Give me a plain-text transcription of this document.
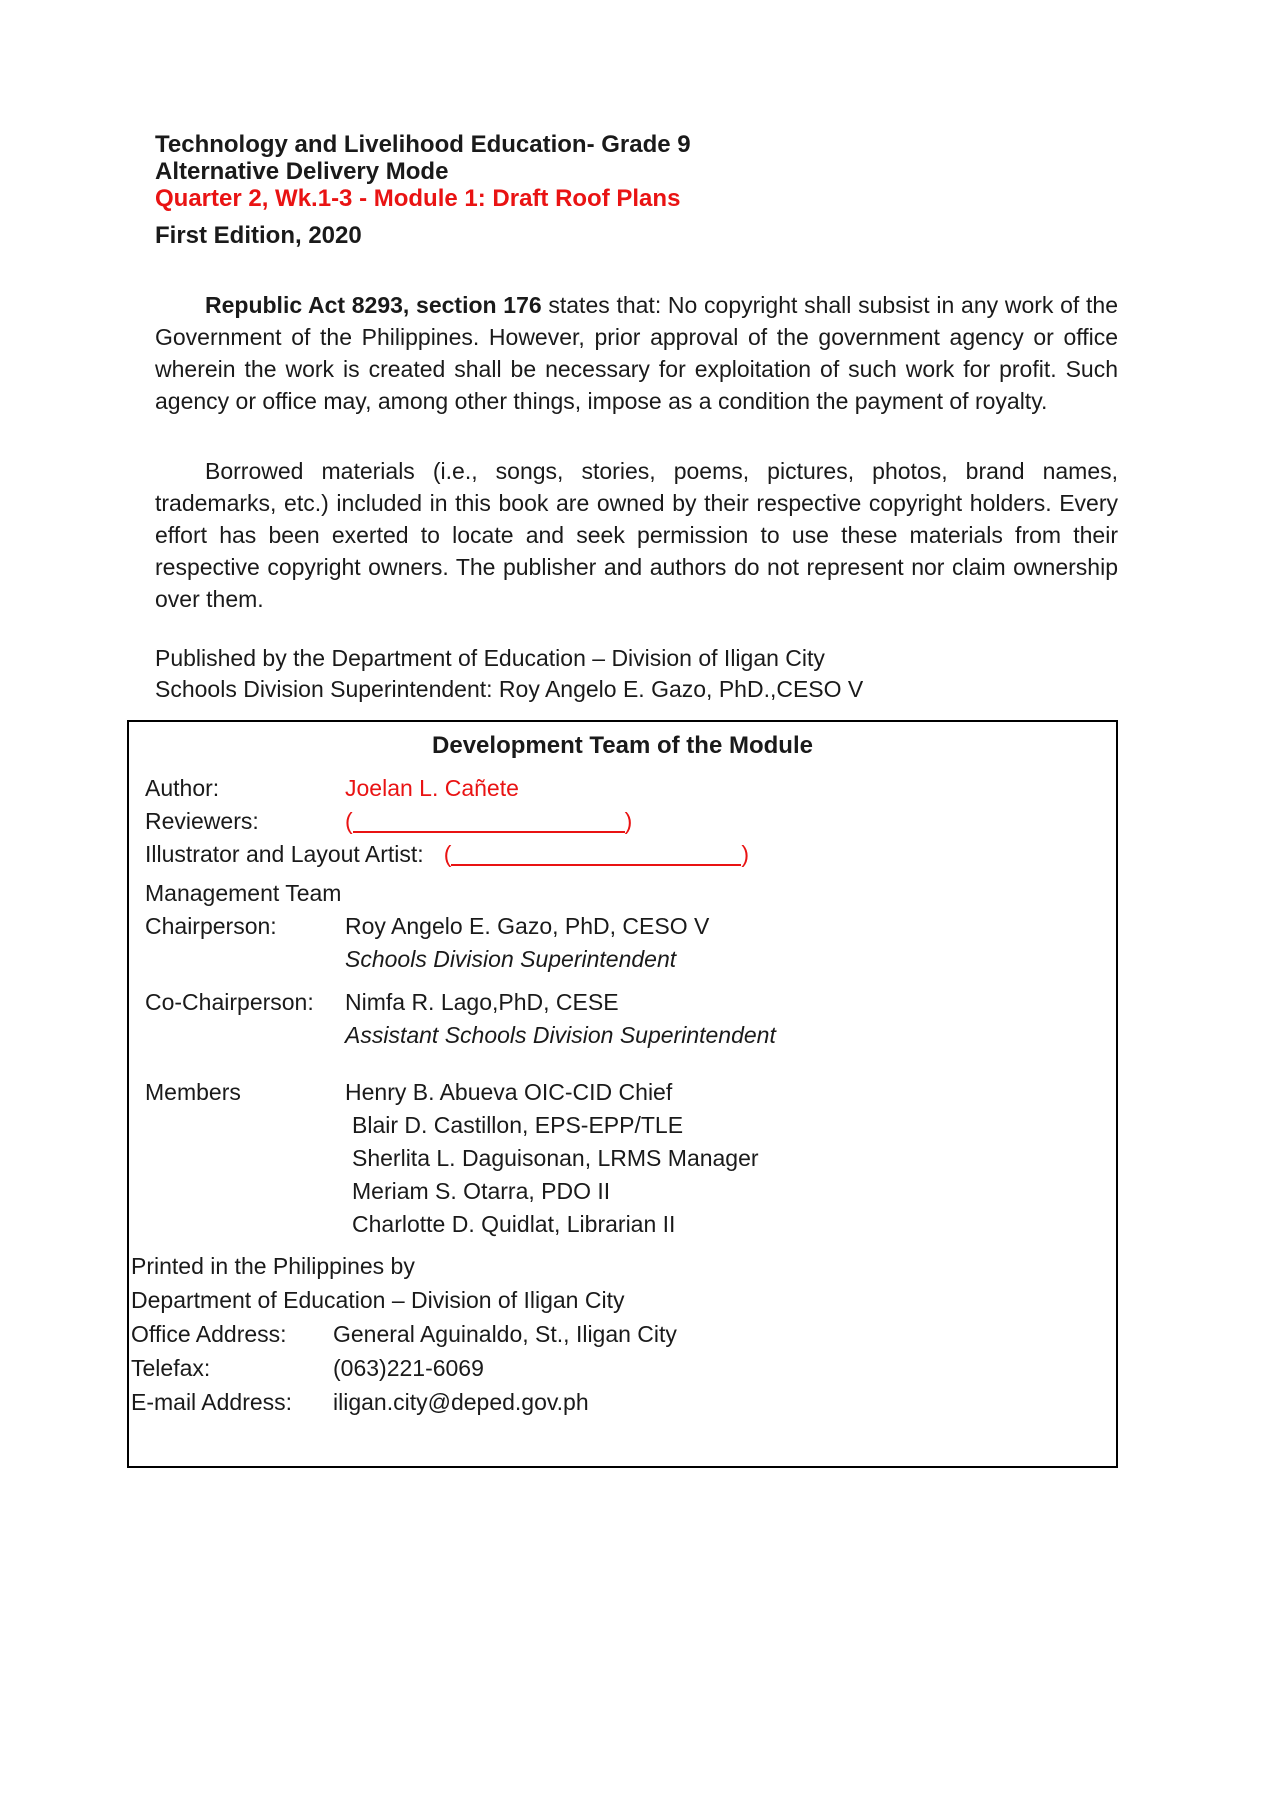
Technology and Livelihood Education- Grade 9
Alternative Delivery Mode
Quarter 2, Wk.1-3 - Module 1: Draft Roof Plans
First Edition, 2020

Republic Act 8293, section 176 states that: No copyright shall subsist in any work of the Government of the Philippines. However, prior approval of the government agency or office wherein the work is created shall be necessary for exploitation of such work for profit. Such agency or office may, among other things, impose as a condition the payment of royalty.

Borrowed materials (i.e., songs, stories, poems, pictures, photos, brand names, trademarks, etc.) included in this book are owned by their respective copyright holders. Every effort has been exerted to locate and seek permission to use these materials from their respective copyright owners. The publisher and authors do not represent nor claim ownership over them.

Published by the Department of Education – Division of Iligan City
Schools Division Superintendent: Roy Angelo E. Gazo, PhD.,CESO V
Development Team of the Module
Author:	Joelan L. Cañete
Reviewers:	(	)
Illustrator and Layout Artist: (	)
Management Team
Chairperson:	Roy Angelo E. Gazo, PhD, CESO V
Schools Division Superintendent
Co-Chairperson:	Nimfa R. Lago,PhD, CESE
Assistant Schools Division Superintendent
Members	Henry B. Abueva OIC-CID Chief
Blair D. Castillon, EPS-EPP/TLE
Sherlita L. Daguisonan, LRMS Manager
Meriam S. Otarra, PDO II
Charlotte D. Quidlat, Librarian II
Printed in the Philippines by
Department of Education – Division of Iligan City
Office Address:	General Aguinaldo, St., Iligan City
Telefax:	(063)221-6069
E-mail Address:	iligan.city@deped.gov.ph
